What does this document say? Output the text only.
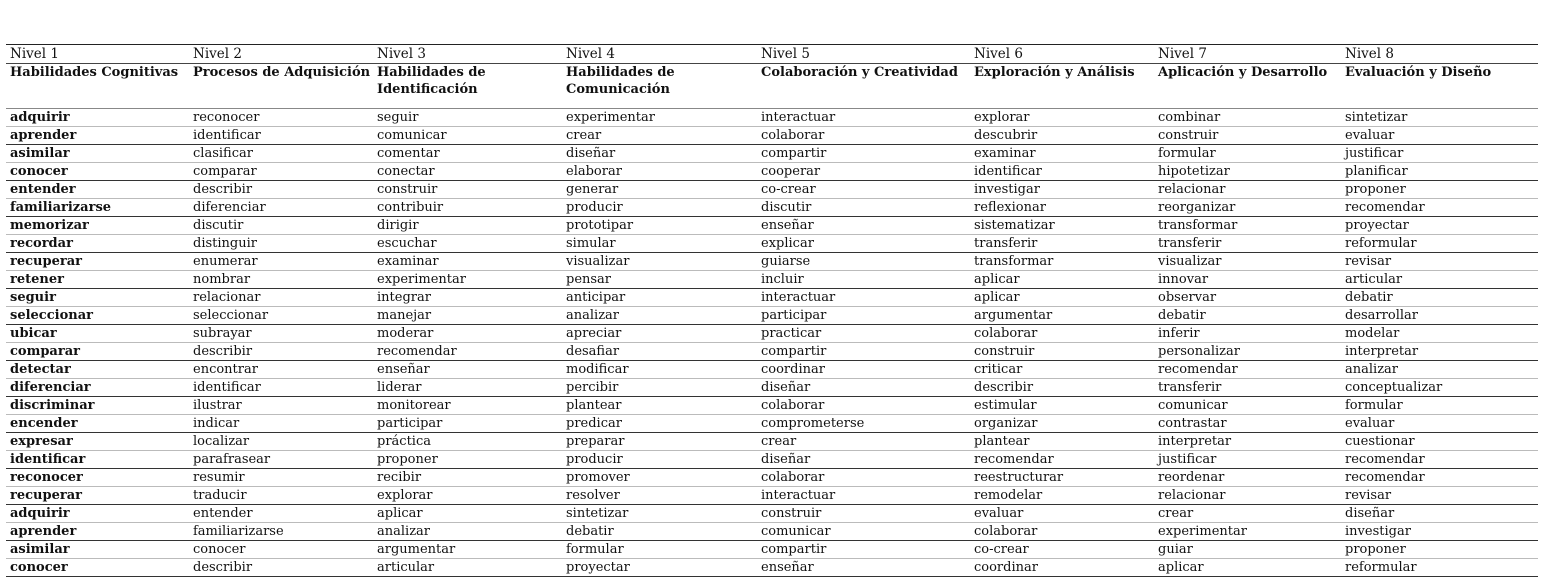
Nivel 1	Nivel 2	Nivel 3	Nivel 4	Nivel 5	Nivel 6	Nivel 7	Nivel 8
Habilidades Cognitivas	Procesos de Adquisición	Habilidades de Identificación	Habilidades de Comunicación	Colaboración y Creatividad	Exploración y Análisis	Aplicación y Desarrollo	Evaluación y Diseño
adquirir	reconocer	seguir	experimentar	interactuar	explorar	combinar	sintetizar
aprender	identificar	comunicar	crear	colaborar	descubrir	construir	evaluar
asimilar	clasificar	comentar	diseñar	compartir	examinar	formular	justificar
conocer	comparar	conectar	elaborar	cooperar	identificar	hipotetizar	planificar
entender	describir	construir	generar	co-crear	investigar	relacionar	proponer
familiarizarse	diferenciar	contribuir	producir	discutir	reflexionar	reorganizar	recomendar
memorizar	discutir	dirigir	prototipar	enseñar	sistematizar	transformar	proyectar
recordar	distinguir	escuchar	simular	explicar	transferir	transferir	reformular
recuperar	enumerar	examinar	visualizar	guiarse	transformar	visualizar	revisar
retener	nombrar	experimentar	pensar	incluir	aplicar	innovar	articular
seguir	relacionar	integrar	anticipar	interactuar	aplicar	observar	debatir
seleccionar	seleccionar	manejar	analizar	participar	argumentar	debatir	desarrollar
ubicar	subrayar	moderar	apreciar	practicar	colaborar	inferir	modelar
comparar	describir	recomendar	desafiar	compartir	construir	personalizar	interpretar
detectar	encontrar	enseñar	modificar	coordinar	criticar	recomendar	analizar
diferenciar	identificar	liderar	percibir	diseñar	describir	transferir	conceptualizar
discriminar	ilustrar	monitorear	plantear	colaborar	estimular	comunicar	formular
encender	indicar	participar	predicar	comprometerse	organizar	contrastar	evaluar
expresar	localizar	práctica	preparar	crear	plantear	interpretar	cuestionar
identificar	parafrasear	proponer	producir	diseñar	recomendar	justificar	recomendar
reconocer	resumir	recibir	promover	colaborar	reestructurar	reordenar	recomendar
recuperar	traducir	explorar	resolver	interactuar	remodelar	relacionar	revisar
adquirir	entender	aplicar	sintetizar	construir	evaluar	crear	diseñar
aprender	familiarizarse	analizar	debatir	comunicar	colaborar	experimentar	investigar
asimilar	conocer	argumentar	formular	compartir	co-crear	guiar	proponer
conocer	describir	articular	proyectar	enseñar	coordinar	aplicar	reformular
